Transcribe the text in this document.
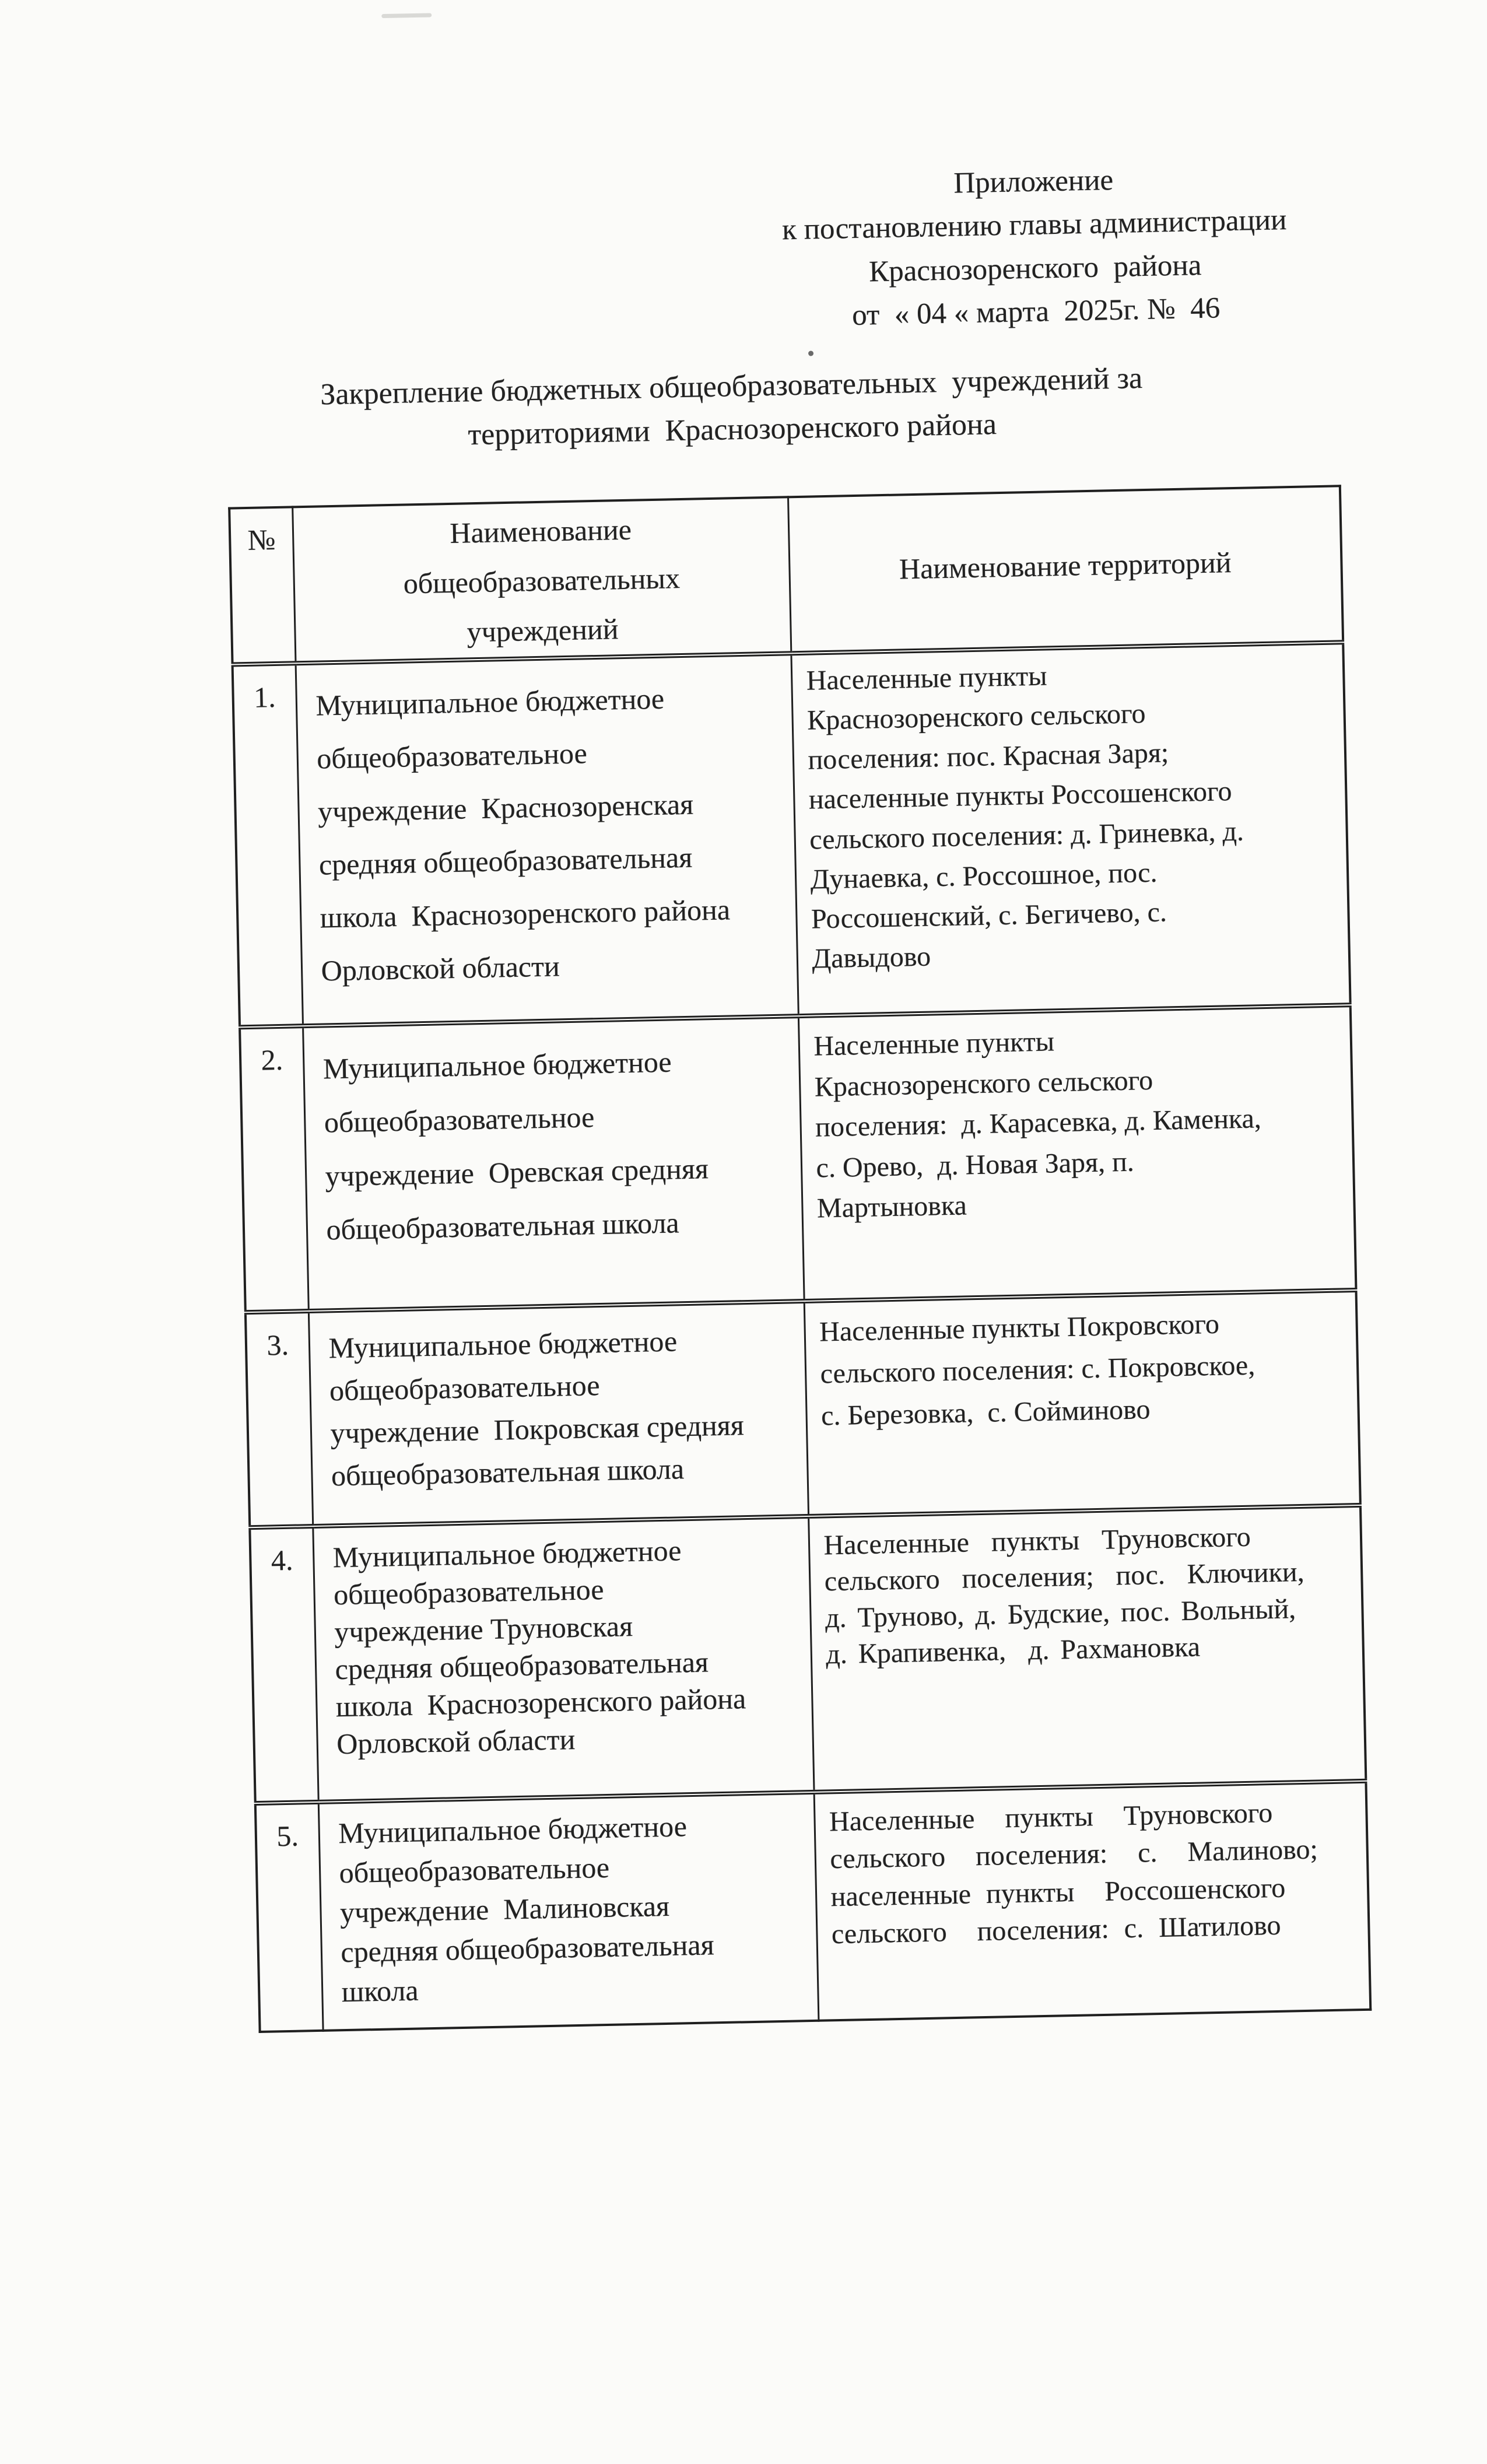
Приложение
к постановлению главы администрации
Краснозоренского  района
от  « 04 « марта  2025г. №  46
Закрепление бюджетных общеобразовательных  учреждений за
территориями  Краснозоренского района
№	Наименование
общеобразовательных
учреждений	Наименование территорий
1.	Муниципальное бюджетное
общеобразовательное
учреждение  Краснозоренская
средняя общеобразовательная
школа  Краснозоренского района
Орловской области	Населенные пункты
Краснозоренского сельского
поселения: пос. Красная Заря;
населенные пункты Россошенского
сельского поселения: д. Гриневка, д.
Дунаевка, с. Россошное, пос.
Россошенский, с. Бегичево, с.
Давыдово
2.	Муниципальное бюджетное
общеобразовательное
учреждение  Оревская средняя
общеобразовательная школа	Населенные пункты
Краснозоренского сельского
поселения:  д. Карасевка, д. Каменка,
с. Орево,  д. Новая Заря, п.
Мартыновка
3.	Муниципальное бюджетное
общеобразовательное
учреждение  Покровская средняя
общеобразовательная школа	Населенные пункты Покровского
сельского поселения: с. Покровское,
с. Березовка,  с. Сойминово
4.	Муниципальное бюджетное
общеобразовательное
учреждение Труновская
средняя общеобразовательная
школа  Краснозоренского района
Орловской области	Населенные  пункты  Труновского
сельского  поселения;  пос.  Ключики,
д. Труново, д. Будские, пос. Вольный,
д. Крапивенка,  д. Рахмановка
5.	Муниципальное бюджетное
общеобразовательное
учреждение  Малиновская
средняя общеобразовательная
школа	Населенные  пункты  Труновского
сельского  поселения:  с.  Малиново;
населенные пункты  Россошенского
сельского  поселения: с. Шатилово
